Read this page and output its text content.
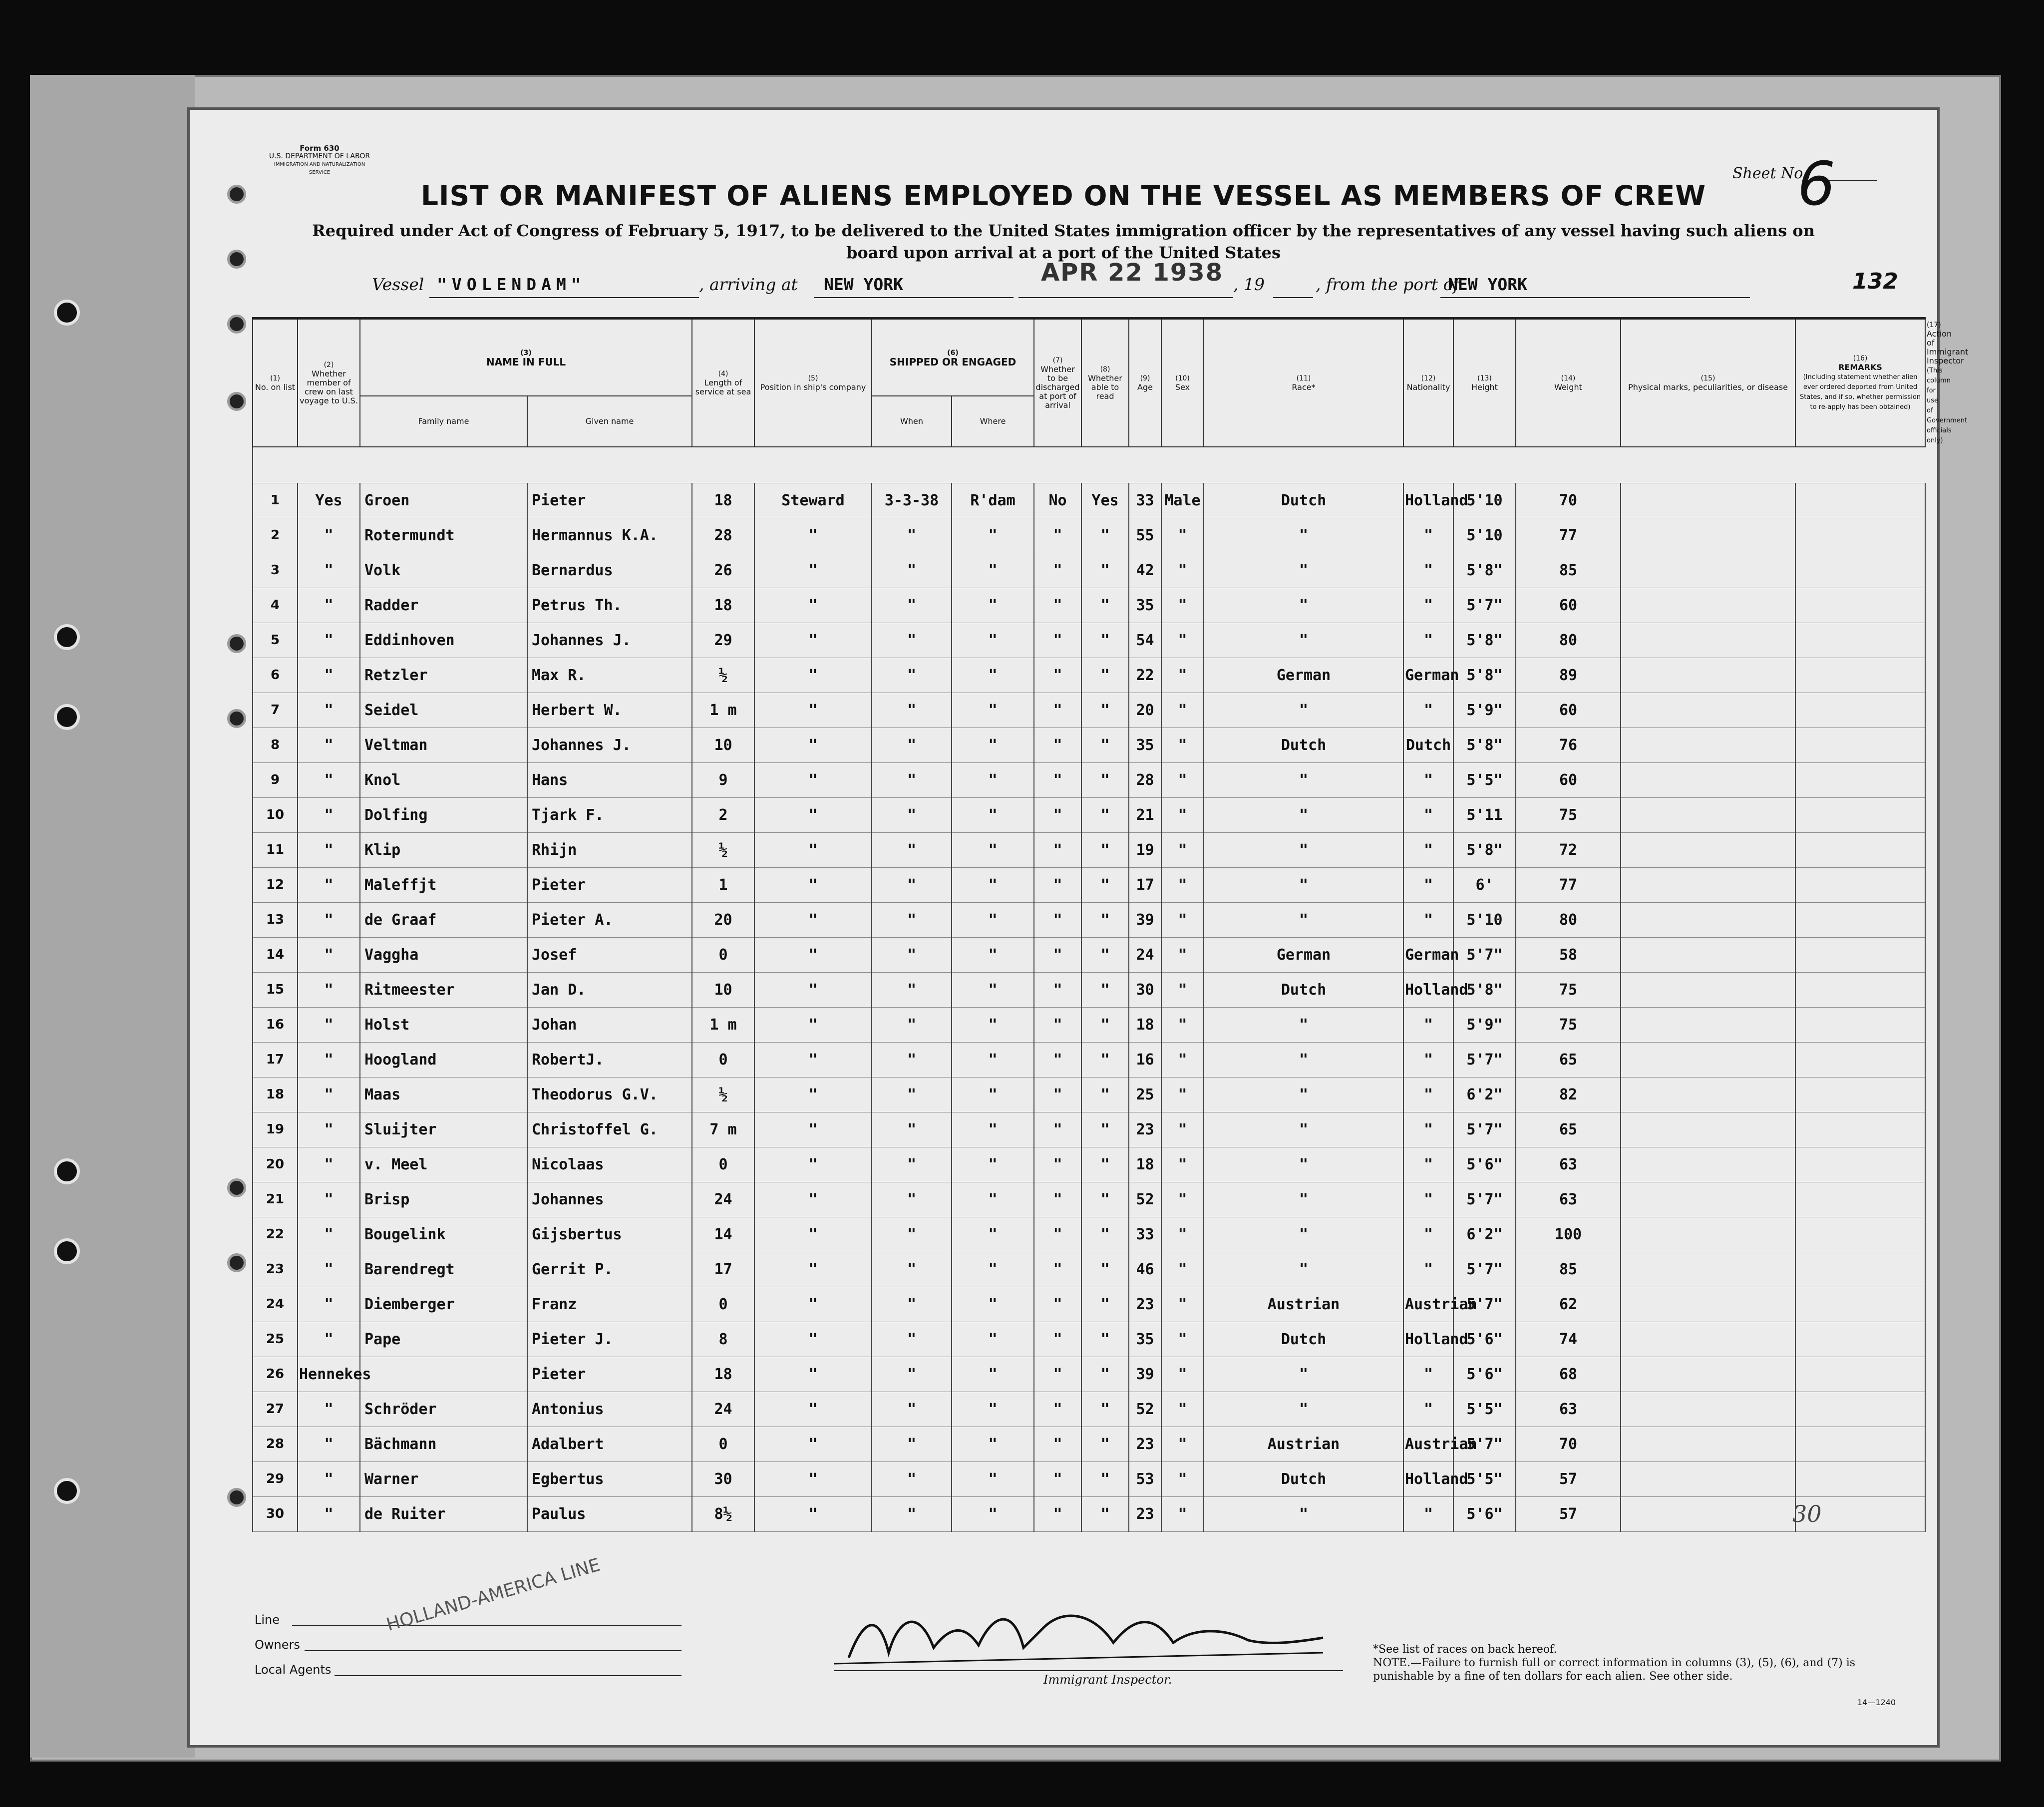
Form 630
U.S. DEPARTMENT OF LABOR
IMMIGRATION AND NATURALIZATION SERVICE	Sheet No.
6
LIST OR MANIFEST OF ALIENS EMPLOYED ON THE VESSEL AS MEMBERS OF CREW
Required under Act of Congress of February 5, 1917, to be delivered to the United States immigration officer by the representatives of any vessel having such aliens on board upon arrival at a port of the United States
Vessel "VOLENDAM"	, arriving at NEW YORK	APR 22 1938 , 19	, from the port of
NEW YORK	132
(1)
No. on list	(2)
Whether member of crew on last voyage to U.S.	(3)
NAME IN FULL		(4)
Length of service at sea	(5)
Position in ship's company	(6)
SHIPPED OR ENGAGED		(7)
Whether to be discharged at port of arrival	(8)
Whether able to read	(9)
Age	(10)
Sex	(11)
Race*	(12)
Nationality	(13)
Height	(14)
Weight	(15)
Physical marks, peculiarities, or disease	(16)
REMARKS
(Including statement whether alien ever ordered deported from United States, and if so, whether permission to re-apply has been obtained)	(17)
Action of Immigrant Inspector
(This column for use of Government officials only)
		Family name	Given name			When	Where											

1	Yes	Groen	Pieter	18	Steward	3-3-38	R'dam	No	Yes	33	Male	Dutch	Holland	5'10	70			
2	"	Rotermundt	Hermannus K.A.	28	"	"	"	"	"	55	"	"	"	5'10	77			
3	"	Volk	Bernardus	26	"	"	"	"	"	42	"	"	"	5'8"	85			
4	"	Radder	Petrus Th.	18	"	"	"	"	"	35	"	"	"	5'7"	60			
5	"	Eddinhoven	Johannes J.	29	"	"	"	"	"	54	"	"	"	5'8"	80			
6	"	Retzler	Max R.	½	"	"	"	"	"	22	"	German	German	5'8"	89			
7	"	Seidel	Herbert W.	1 m	"	"	"	"	"	20	"	"	"	5'9"	60			
8	"	Veltman	Johannes J.	10	"	"	"	"	"	35	"	Dutch	Dutch	5'8"	76			
9	"	Knol	Hans	9	"	"	"	"	"	28	"	"	"	5'5"	60			
10	"	Dolfing	Tjark F.	2	"	"	"	"	"	21	"	"	"	5'11	75			
11	"	Klip	Rhijn	½	"	"	"	"	"	19	"	"	"	5'8"	72			
12	"	Maleffjt	Pieter	1	"	"	"	"	"	17	"	"	"	6'	77			
13	"	de Graaf	Pieter A.	20	"	"	"	"	"	39	"	"	"	5'10	80			
14	"	Vaggha	Josef	0	"	"	"	"	"	24	"	German	German	5'7"	58			
15	"	Ritmeester	Jan D.	10	"	"	"	"	"	30	"	Dutch	Holland	5'8"	75			
16	"	Holst	Johan	1 m	"	"	"	"	"	18	"	"	"	5'9"	75			
17	"	Hoogland	RobertJ.	0	"	"	"	"	"	16	"	"	"	5'7"	65			
18	"	Maas	Theodorus G.V.	½	"	"	"	"	"	25	"	"	"	6'2"	82			
19	"	Sluijter	Christoffel G.	7 m	"	"	"	"	"	23	"	"	"	5'7"	65			
20	"	v. Meel	Nicolaas	0	"	"	"	"	"	18	"	"	"	5'6"	63			
21	"	Brisp	Johannes	24	"	"	"	"	"	52	"	"	"	5'7"	63			
22	"	Bougelink	Gijsbertus	14	"	"	"	"	"	33	"	"	"	6'2"	100			
23	"	Barendregt	Gerrit P.	17	"	"	"	"	"	46	"	"	"	5'7"	85			
24	"	Diemberger	Franz	0	"	"	"	"	"	23	"	Austrian	Austrian	5'7"	62			
25	"	Pape	Pieter J.	8	"	"	"	"	"	35	"	Dutch	Holland	5'6"	74			
26	Hennekes		Pieter	18	"	"	"	"	"	39	"	"	"	5'6"	68			
27	"	Schröder	Antonius	24	"	"	"	"	"	52	"	"	"	5'5"	63			
28	"	Bächmann	Adalbert	0	"	"	"	"	"	23	"	Austrian	Austrian	5'7"	70			
29	"	Warner	Egbertus	30	"	"	"	"	"	53	"	Dutch	Holland	5'5"	57			
30	"	de Ruiter	Paulus	8½	"	"	"	"	"	23	"	"	"	5'6"	57				30
Line
Owners
Local Agents
HOLLAND-AMERICA LINE
Immigrant Inspector.
*See list of races on back hereof.
NOTE.—Failure to furnish full or correct information in columns (3), (5), (6), and (7) is punishable by a fine of ten dollars for each alien. See other side.
14—1240
